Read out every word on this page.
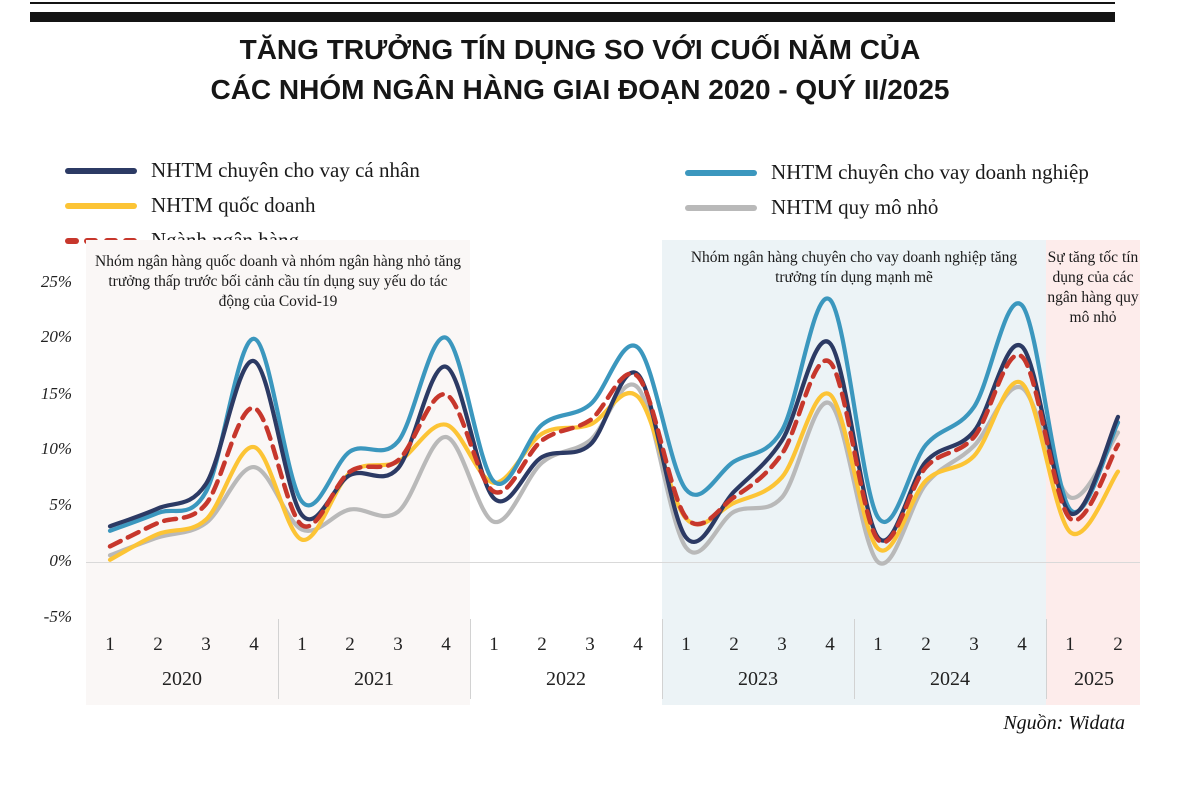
TĂNG TRƯỞNG TÍN DỤNG SO VỚI CUỐI NĂM CỦA
CÁC NHÓM NGÂN HÀNG GIAI ĐOẠN 2020 - QUÝ II/2025
NHTM chuyên cho vay cá nhân
NHTM quốc doanh
NHTM chuyên cho vay doanh nghiệp
NHTM quy mô nhỏ
Nhóm ngân hàng quốc doanh và nhóm ngân hàng nhỏ tăng trưởng thấp trước bối cảnh cầu tín dụng suy yếu do tác động của Covid-19
Nhóm ngân hàng chuyên cho vay doanh nghiệp tăng trưởng tín dụng mạnh mẽ
Sự tăng tốc tín dụng của các ngân hàng quy mô nhỏ
25%
20%
15%
10%
5%
0%
-5%
1	2	3	4
2020
1	2	3	4
2021
1	2	3	4
2022
1	2	3	4
2023
1	2	3	4
2024
1	2
2025
Nguồn: Widata
